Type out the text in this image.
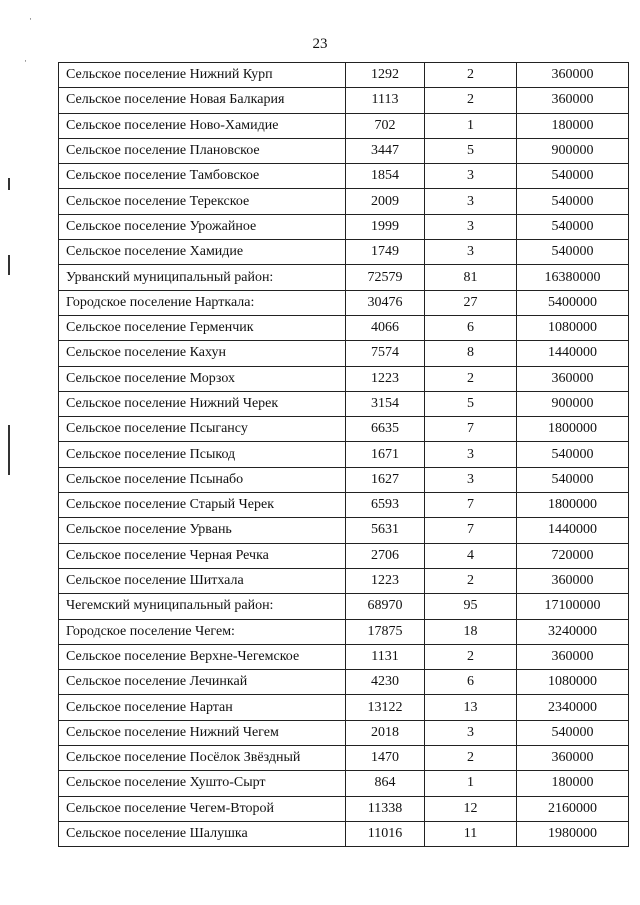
23
·
·
Сельское поселение Нижний Курп	1292	2	360000
Сельское поселение Новая Балкария	1113	2	360000
Сельское поселение Ново-Хамидие	702	1	180000
Сельское поселение Плановское	3447	5	900000
Сельское поселение Тамбовское	1854	3	540000
Сельское поселение Терекское	2009	3	540000
Сельское поселение Урожайное	1999	3	540000
Сельское поселение Хамидие	1749	3	540000
Урванский муниципальный район:	72579	81	16380000
Городское поселение Нарткала:	30476	27	5400000
Сельское поселение Герменчик	4066	6	1080000
Сельское поселение Кахун	7574	8	1440000
Сельское поселение Морзох	1223	2	360000
Сельское поселение Нижний Черек	3154	5	900000
Сельское поселение Псыгансу	6635	7	1800000
Сельское поселение Псыкод	1671	3	540000
Сельское поселение Псынабо	1627	3	540000
Сельское поселение Старый Черек	6593	7	1800000
Сельское поселение Урвань	5631	7	1440000
Сельское поселение Черная Речка	2706	4	720000
Сельское поселение Шитхала	1223	2	360000
Чегемский муниципальный район:	68970	95	17100000
Городское поселение Чегем:	17875	18	3240000
Сельское поселение Верхне-Чегемское	1131	2	360000
Сельское поселение Лечинкай	4230	6	1080000
Сельское поселение Нартан	13122	13	2340000
Сельское поселение Нижний Чегем	2018	3	540000
Сельское поселение Посёлок Звёздный	1470	2	360000
Сельское поселение Хушто-Сырт	864	1	180000
Сельское поселение Чегем-Второй	11338	12	2160000
Сельское поселение Шалушка	11016	11	1980000
